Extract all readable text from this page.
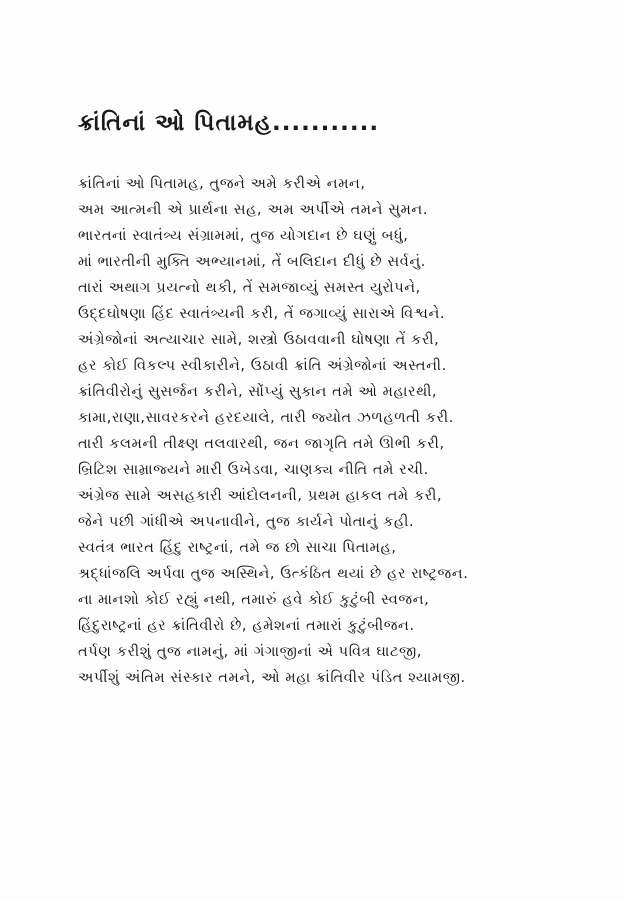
ક્રાંતિનાં ઓ પિતામહ...........
ક્રાંતિનાં ઓ પિતામહ, તુજને અમે કરીએ નમન,
અમ આત્મની એ પ્રાર્થના સહ, અમ અર્પીએ તમને સુમન.
ભારતનાં સ્વાતંત્ર્ય સંગ્રામમાં, તુજ યોગદાન છે ઘણું બધું,
માં ભારતીની મુક્તિ અભ્યાનમાં, તેં બલિદાન દીધું છે સર્વનું.
તારાં અથાગ પ્રયત્નો થકી, તેં સમજાવ્યું સમસ્ત યુરોપને,
ઉદ્દઘોષણા હિંદ સ્વાતંત્ર્યની કરી, તેં જગાવ્યું સારાએ વિશ્વને.
અંગ્રેજોનાં અત્યાચાર સામે, શસ્ત્રો ઉઠાવવાની ઘોષણા તેં કરી,
હર કોઈ વિકલ્પ સ્વીકારીને, ઉઠાવી ક્રાંતિ અંગ્રેજોનાં અસ્તની.
ક્રાંતિવીરોનું સુસર્જન કરીને, સોંપ્યું સુકાન તમે ઓ મહારથી,
કામા,રાણા,સાવરકરને હરદયાલે, તારી જ્યોત ઝળહળતી કરી.
તારી કલમની તીક્ષ્ણ તલવારથી, જન જાગૃતિ તમે ઊભી કરી,
બ્રિટિશ સામ્રાજ્યને મારી ઉખેડવા, ચાણક્ય નીતિ તમે રચી.
અંગ્રેજ સામે અસહકારી આંદોલનની, પ્રથમ હાકલ તમે કરી,
જેને પછી ગાંધીએ અપનાવીને, તુજ કાર્યને પોતાનું કહી.
સ્વતંત્ર ભારત હિંદુ રાષ્ટ્રનાં, તમે જ છો સાચા પિતામહ,
શ્રદ્ધાંજલિ અર્પવા તુજ અસ્થિને, ઉત્કંઠિત થયાં છે હર રાષ્ટ્રજન.
ના માનશો કોઈ રહ્યું નથી, તમારું હવે કોઈ કુટુંબી સ્વજન,
હિંદુરાષ્ટ્રનાં હર ક્રાંતિવીરો છે, હમેશનાં તમારાં કુટુંબીજન.
તર્પણ કરીશું તુજ નામનું, માં ગંગાજીનાં એ પવિત્ર ઘાટજી,
અર્પીશું અંતિમ સંસ્કાર તમને, ઓ મહા ક્રાંતિવીર પંડિત શ્યામજી.
